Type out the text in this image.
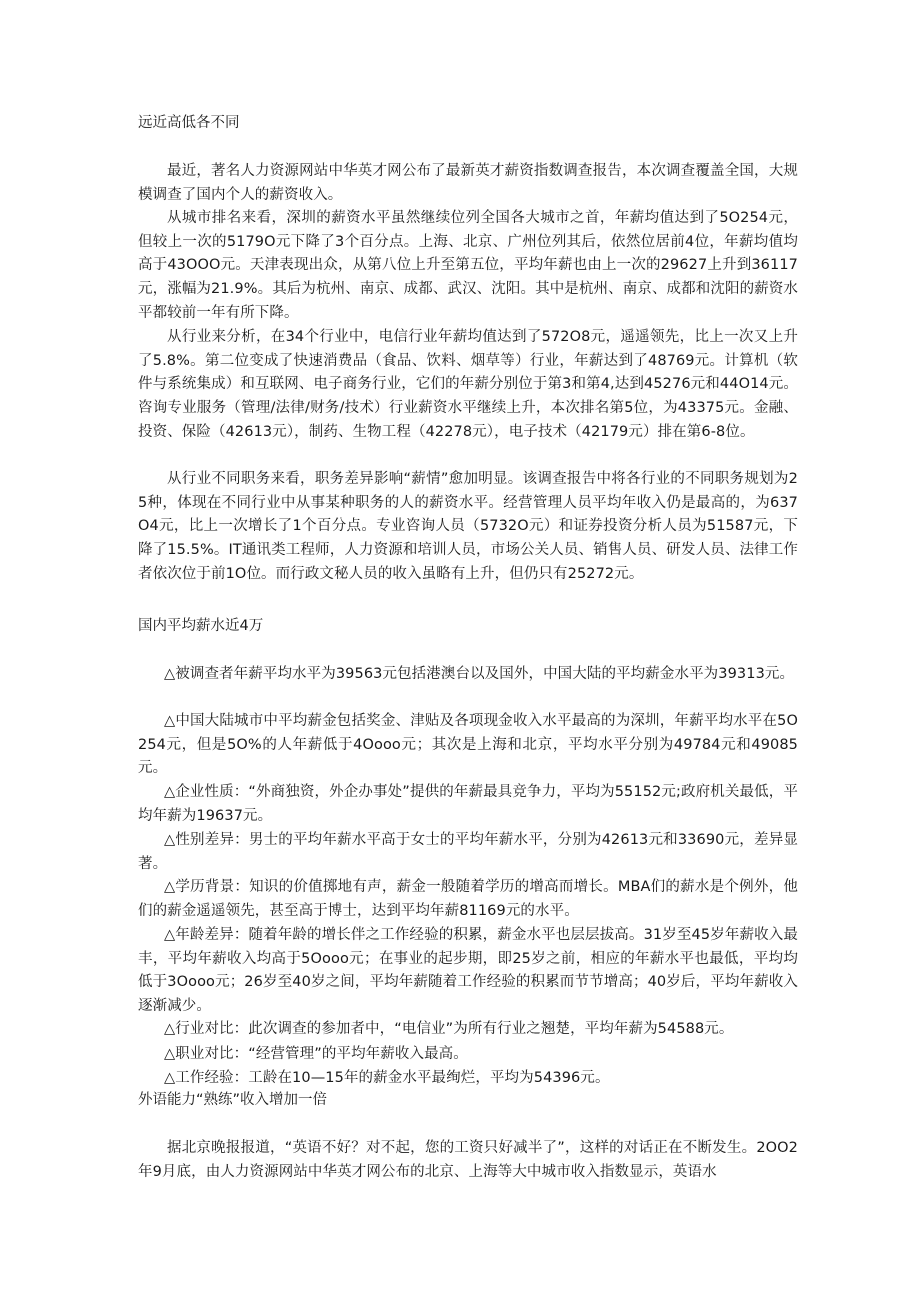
远近高低各不同

最近，著名人力资源网站中华英才网公布了最新英才薪资指数调查报告，本次调查覆盖全国，大规模调查了国内个人的薪资收入。

从城市排名来看，深圳的薪资水平虽然继续位列全国各大城市之首，年薪均值达到了5O254元，但较上一次的5179O元下降了3个百分点。上海、北京、广州位列其后，依然位居前4位，年薪均值均高于43OOO元。天津表现出众，从第八位上升至第五位，平均年薪也由上一次的29627上升到36117元，涨幅为21.9%。其后为杭州、南京、成都、武汉、沈阳。其中是杭州、南京、成都和沈阳的薪资水平都较前一年有所下降。

从行业来分析，在34个行业中，电信行业年薪均值达到了572O8元，遥遥领先，比上一次又上升了5.8%。第二位变成了快速消费品（食品、饮料、烟草等）行业，年薪达到了48769元。计算机（软件与系统集成）和互联网、电子商务行业，它们的年薪分别位于第3和第4,达到45276元和44O14元。咨询专业服务（管理/法律/财务/技术）行业薪资水平继续上升，本次排名第5位，为43375元。金融、投资、保险（42613元），制药、生物工程（42278元），电子技术（42179元）排在第6-8位。

从行业不同职务来看，职务差异影响“薪情”愈加明显。该调查报告中将各行业的不同职务规划为25种，体现在不同行业中从事某种职务的人的薪资水平。经营管理人员平均年收入仍是最高的，为637O4元，比上一次增长了1个百分点。专业咨询人员（5732O元）和证券投资分析人员为51587元，下降了15.5%。IT通讯类工程师，人力资源和培训人员，市场公关人员、销售人员、研发人员、法律工作者依次位于前1O位。而行政文秘人员的收入虽略有上升，但仍只有25272元。

国内平均薪水近4万

△被调查者年薪平均水平为39563元包括港澳台以及国外，中国大陆的平均薪金水平为39313元。

△中国大陆城市中平均薪金包括奖金、津贴及各项现金收入水平最高的为深圳，年薪平均水平在5O254元，但是5O%的人年薪低于4Oooo元；其次是上海和北京，平均水平分别为49784元和49085元。

△企业性质：“外商独资，外企办事处”提供的年薪最具竞争力，平均为55152元;政府机关最低，平均年薪为19637元。

△性别差异：男士的平均年薪水平高于女士的平均年薪水平，分别为42613元和33690元，差异显著。

△学历背景：知识的价值掷地有声，薪金一般随着学历的增高而增长。MBA们的薪水是个例外，他们的薪金遥遥领先，甚至高于博士，达到平均年薪81169元的水平。

△年龄差异：随着年龄的增长伴之工作经验的积累，薪金水平也层层拔高。31岁至45岁年薪收入最丰，平均年薪收入均高于5Oooo元；在事业的起步期，即25岁之前，相应的年薪水平也最低，平均均低于3Oooo元；26岁至40岁之间，平均年薪随着工作经验的积累而节节增高；40岁后，平均年薪收入逐渐减少。

△行业对比：此次调查的参加者中，“电信业”为所有行业之翘楚，平均年薪为54588元。

△职业对比：“经营管理”的平均年薪收入最高。

△工作经验：工龄在10—15年的薪金水平最绚烂，平均为54396元。

外语能力“熟练”收入增加一倍

据北京晚报报道，“英语不好？对不起，您的工资只好减半了”，这样的对话正在不断发生。2OO2年9月底，由人力资源网站中华英才网公布的北京、上海等大中城市收入指数显示，英语水
